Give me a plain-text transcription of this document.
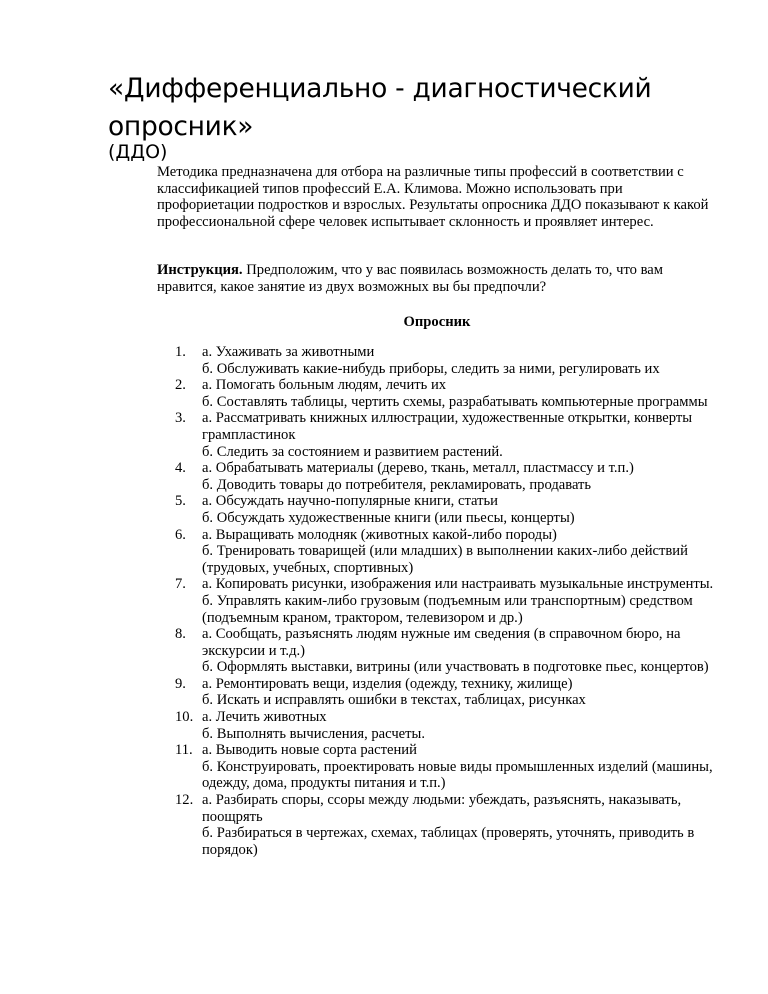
«Дифференциально - диагностический опросник»

(ДДО)

Методика предназначена для отбора на различные типы профессий в соответствии с классификацией типов профессий Е.А. Климова. Можно использовать при профориетации подростков и взрослых. Результаты опросника ДДО показывают к какой профессиональной сфере человек испытывает склонность и проявляет интерес.

Инструкция. Предположим, что у вас появилась возможность делать то, что вам нравится, какое занятие из двух возможных вы бы предпочли?

Опросник

1.	а. Ухаживать за животными
б. Обслуживать какие-нибудь приборы, следить за ними, регулировать их
2.	а. Помогать больным людям, лечить их
б. Составлять таблицы, чертить схемы, разрабатывать компьютерные программы
3.	а. Рассматривать книжных иллюстрации, художественные открытки, конверты грампластинок
б. Следить за состоянием и развитием растений.
4.	а. Обрабатывать материалы (дерево, ткань, металл, пластмассу и т.п.)
б. Доводить товары до потребителя, рекламировать, продавать
5.	а. Обсуждать научно-популярные книги, статьи
б. Обсуждать художественные книги (или пьесы, концерты)
6.	а. Выращивать молодняк (животных какой-либо породы)
б. Тренировать товарищей (или младших) в выполнении каких-либо действий (трудовых, учебных, спортивных)
7.	а. Копировать рисунки, изображения или настраивать музыкальные инструменты.
б. Управлять каким-либо грузовым (подъемным или транспортным) средством (подъемным краном, трактором, телевизором и др.)
8.	а. Сообщать, разъяснять людям нужные им сведения (в справочном бюро, на экскурсии и т.д.)
б. Оформлять выставки, витрины (или участвовать в подготовке пьес, концертов)
9.	а. Ремонтировать вещи, изделия (одежду, технику, жилище)
б. Искать и исправлять ошибки в текстах, таблицах, рисунках
10. а. Лечить животных
б. Выполнять вычисления, расчеты.
11. а. Выводить новые сорта растений
б. Конструировать, проектировать новые виды промышленных изделий (машины, одежду, дома, продукты питания и т.п.)
12. а. Разбирать споры, ссоры между людьми: убеждать, разъяснять, наказывать, поощрять
б. Разбираться в чертежах, схемах, таблицах (проверять, уточнять, приводить в порядок)
